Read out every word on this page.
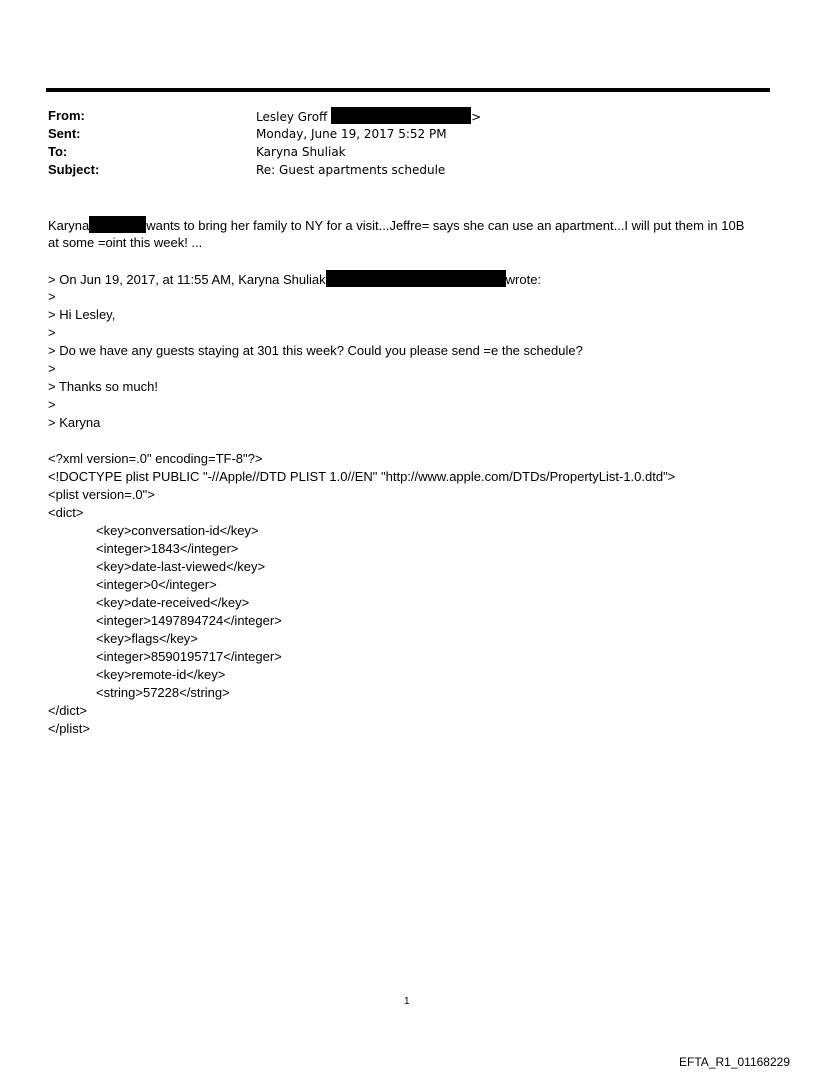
From:	Lesley Groff	>
Sent:	Monday, June 19, 2017 5:52 PM
To:	Karyna Shuliak
Subject:	Re: Guest apartments schedule
Karyna	wants to bring her family to NY for a visit...Jeffre= says she can use an apartment...I will put them in 10B
at some =oint this week! ...
> On Jun 19, 2017, at 11:55 AM, Karyna Shuliak	wrote:
>
> Hi Lesley,
>
> Do we have any guests staying at 301 this week? Could you please send =e the schedule?
>
> Thanks so much!
>
> Karyna
<?xml version=.0" encoding=TF-8"?>
<!DOCTYPE plist PUBLIC "-//Apple//DTD PLIST 1.0//EN" "http://www.apple.com/DTDs/PropertyList-1.0.dtd">
<plist version=.0">
<dict>
<key>conversation-id</key>
<integer>1843</integer>
<key>date-last-viewed</key>
<integer>0</integer>
<key>date-received</key>
<integer>1497894724</integer>
<key>flags</key>
<integer>8590195717</integer>
<key>remote-id</key>
<string>57228</string>
</dict>
</plist>
1
EFTA_R1_01168229
